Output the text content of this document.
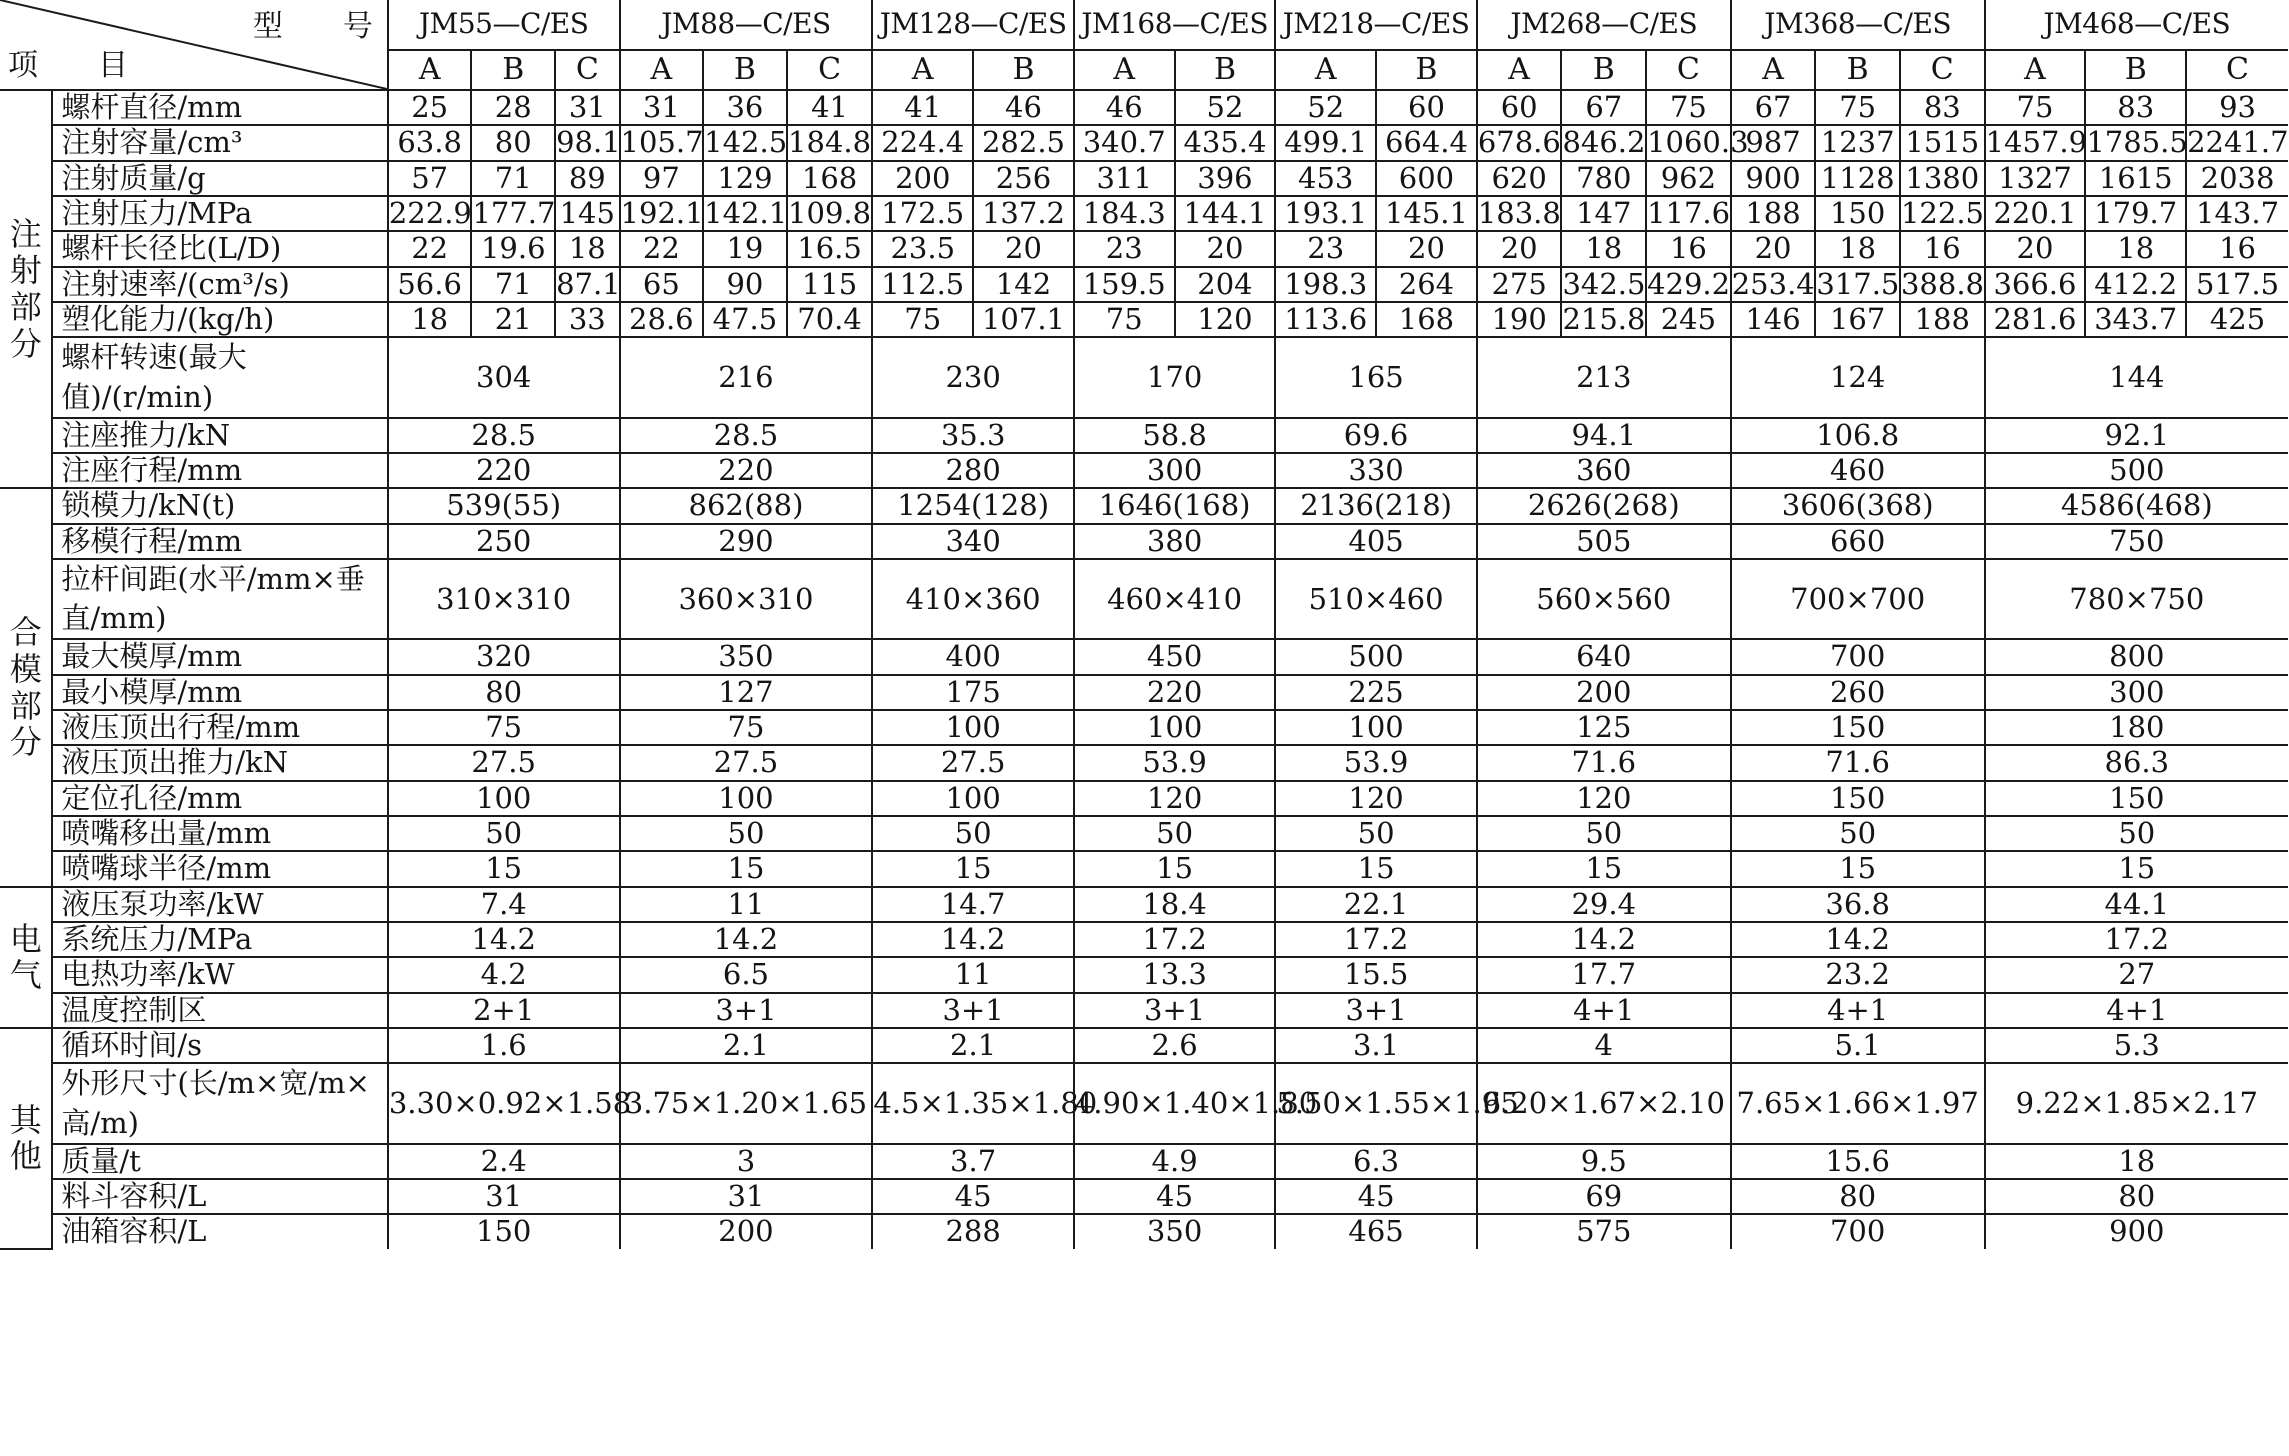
型　　号
项　　目		JM55—C/ES			JM88—C/ES			JM128—C/ES		JM168—C/ES		JM218—C/ES		JM268—C/ES			JM368—C/ES			JM468—C/ES		
		A	B	C	A	B	C	A	B	A	B	A	B	A	B	C	A	B	C	A	B	C
注射部分	螺杆直径/mm	25	28	31	31	36	41	41	46	46	52	52	60	60	67	75	67	75	83	75	83	93
	注射容量/cm³	63.8	80	98.1	105.7	142.5	184.8	224.4	282.5	340.7	435.4	499.1	664.4	678.6	846.2	1060.3	987	1237	1515	1457.9	1785.5	2241.7
	注射质量/g	57	71	89	97	129	168	200	256	311	396	453	600	620	780	962	900	1128	1380	1327	1615	2038
	注射压力/MPa	222.9	177.7	145	192.1	142.1	109.8	172.5	137.2	184.3	144.1	193.1	145.1	183.8	147	117.6	188	150	122.5	220.1	179.7	143.7
	螺杆长径比(L/D)	22	19.6	18	22	19	16.5	23.5	20	23	20	23	20	20	18	16	20	18	16	20	18	16
	注射速率/(cm³/s)	56.6	71	87.1	65	90	115	112.5	142	159.5	204	198.3	264	275	342.5	429.2	253.4	317.5	388.8	366.6	412.2	517.5
	塑化能力/(kg/h)	18	21	33	28.6	47.5	70.4	75	107.1	75	120	113.6	168	190	215.8	245	146	167	188	281.6	343.7	425
	螺杆转速(最大值)/(r/min)	304			216			230		170		165		213			124			144		
	注座推力/kN	28.5			28.5			35.3		58.8		69.6		94.1			106.8			92.1		
	注座行程/mm	220			220			280		300		330		360			460			500		
合模部分	锁模力/kN(t)	539(55)			862(88)			1254(128)		1646(168)		2136(218)		2626(268)			3606(368)			4586(468)		
	移模行程/mm	250			290			340		380		405		505			660			750		
	拉杆间距(水平/mm×垂直/mm)	310×310			360×310			410×360		460×410		510×460		560×560			700×700			780×750		
	最大模厚/mm	320			350			400		450		500		640			700			800		
	最小模厚/mm	80			127			175		220		225		200			260			300		
	液压顶出行程/mm	75			75			100		100		100		125			150			180		
	液压顶出推力/kN	27.5			27.5			27.5		53.9		53.9		71.6			71.6			86.3		
	定位孔径/mm	100			100			100		120		120		120			150			150		
	喷嘴移出量/mm	50			50			50		50		50		50			50			50		
	喷嘴球半径/mm	15			15			15		15		15		15			15			15		
电气	液压泵功率/kW	7.4			11			14.7		18.4		22.1		29.4			36.8			44.1		
	系统压力/MPa	14.2			14.2			14.2		17.2		17.2		14.2			14.2			17.2		
	电热功率/kW	4.2			6.5			11		13.3		15.5		17.7			23.2			27		
	温度控制区	2+1			3+1			3+1		3+1		3+1		4+1			4+1			4+1		
其他	循环时间/s	1.6			2.1			2.1		2.6		3.1		4			5.1			5.3		
	外形尺寸(长/m×宽/m×高/m)	3.30×0.92×1.58			3.75×1.20×1.65			4.5×1.35×1.80		4.90×1.40×1.80		5.50×1.55×1.95		6.20×1.67×2.10			7.65×1.66×1.97			9.22×1.85×2.17		
	质量/t	2.4			3			3.7		4.9		6.3		9.5			15.6			18		
	料斗容积/L	31			31			45		45		45		69			80			80		
	油箱容积/L	150			200			288		350		465		575			700			900		
